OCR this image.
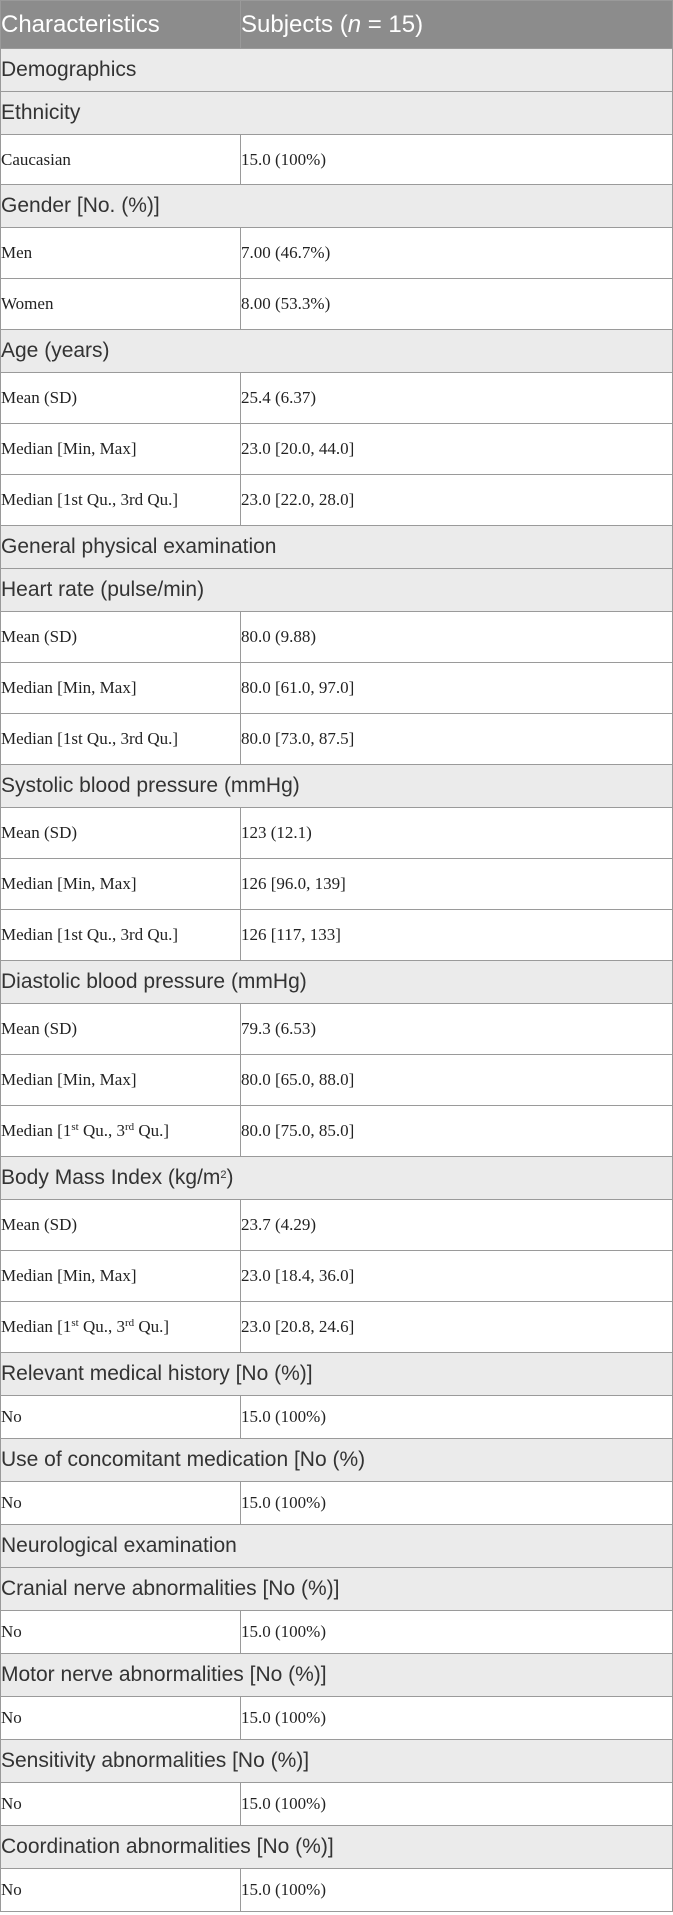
Characteristics	Subjects (n = 15)
Demographics	
Ethnicity	
Caucasian	15.0 (100%)
Gender [No. (%)]	
Men	7.00 (46.7%)
Women	8.00 (53.3%)
Age (years)	
Mean (SD)	25.4 (6.37)
Median [Min, Max]	23.0 [20.0, 44.0]
Median [1st Qu., 3rd Qu.]	23.0 [22.0, 28.0]
General physical examination	
Heart rate (pulse/min)	
Mean (SD)	80.0 (9.88)
Median [Min, Max]	80.0 [61.0, 97.0]
Median [1st Qu., 3rd Qu.]	80.0 [73.0, 87.5]
Systolic blood pressure (mmHg)	
Mean (SD)	123 (12.1)
Median [Min, Max]	126 [96.0, 139]
Median [1st Qu., 3rd Qu.]	126 [117, 133]
Diastolic blood pressure (mmHg)	
Mean (SD)	79.3 (6.53)
Median [Min, Max]	80.0 [65.0, 88.0]
Median [1st Qu., 3rd Qu.]	80.0 [75.0, 85.0]
Body Mass Index $(kg/m^2)$	
Mean (SD)	23.7 (4.29)
Median [Min, Max]	23.0 [18.4, 36.0]
Median [1st Qu., 3rd Qu.]	23.0 [20.8, 24.6]
Relevant medical history [No (%)]	
No	15.0 (100%)
Use of concomitant medication [No (%)	
No	15.0 (100%)
Neurological examination	
Cranial nerve abnormalities [No (%)]	
No	15.0 (100%)
Motor nerve abnormalities [No (%)]	
No	15.0 (100%)
Sensitivity abnormalities [No (%)]	
No	15.0 (100%)
Coordination abnormalities [No (%)]	
No	15.0 (100%)
